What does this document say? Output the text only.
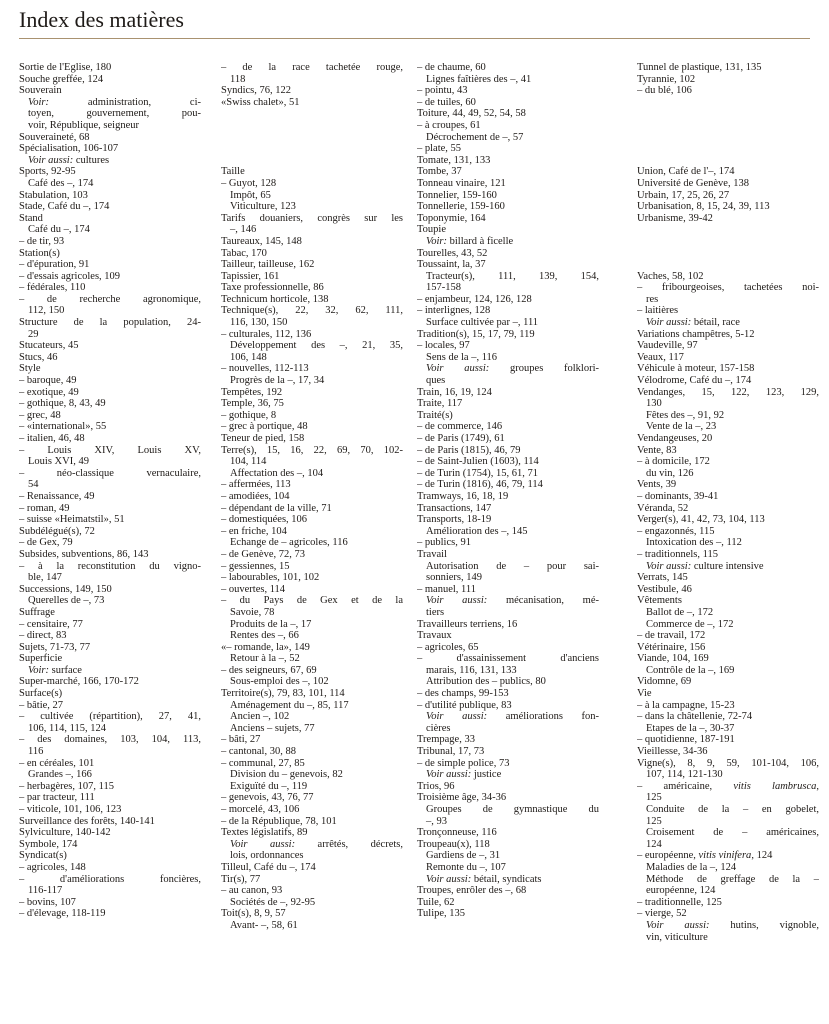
Index des matières
Sortie de l'Eglise, 180
Souche greffée, 124
Souverain
Voir: administration, ci-
toyen, gouvernement, pou-
voir, République, seigneur
Souveraineté, 68
Spécialisation, 106-107
Voir aussi: cultures
Sports, 92-95
Café des –, 174
Stabulation, 103
Stade, Café du –, 174
Stand
Café du –, 174
– de tir, 93
Station(s)
– d'épuration, 91
– d'essais agricoles, 109
– fédérales, 110
– de recherche agronomique,
112, 150
Structure de la population, 24-
29
Stucateurs, 45
Stucs, 46
Style
– baroque, 49
– exotique, 49
– gothique, 8, 43, 49
– grec, 48
– «international», 55
– italien, 46, 48
– Louis XIV, Louis XV,
Louis XVI, 49
– néo-classique vernaculaire,
54
– Renaissance, 49
– roman, 49
– suisse «Heimatstil», 51
Subdélégué(s), 72
– de Gex, 79
Subsides, subventions, 86, 143
– à la reconstitution du vigno-
ble, 147
Successions, 149, 150
Querelles de –, 73
Suffrage
– censitaire, 77
– direct, 83
Sujets, 71-73, 77
Superficie
Voir: surface
Super-marché, 166, 170-172
Surface(s)
– bâtie, 27
– cultivée (répartition), 27, 41,
106, 114, 115, 124
– des domaines, 103, 104, 113,
116
– en céréales, 101
Grandes –, 166
– herbagères, 107, 115
– par tracteur, 111
– viticole, 101, 106, 123
Surveillance des forêts, 140-141
Sylviculture, 140-142
Symbole, 174
Syndicat(s)
– agricoles, 148
– d'améliorations foncières,
116-117
– bovins, 107
– d'élevage, 118-119
– de la race tachetée rouge,
118
Syndics, 76, 122
«Swiss chalet», 51
Taille
– Guyot, 128
Impôt, 65
Viticulture, 123
Tarifs douaniers, congrès sur les
–, 146
Taureaux, 145, 148
Tabac, 170
Tailleur, tailleuse, 162
Tapissier, 161
Taxe professionnelle, 86
Technicum horticole, 138
Technique(s), 22, 32, 62, 111,
116, 130, 150
– culturales, 112, 136
Développement des –, 21, 35,
106, 148
– nouvelles, 112-113
Progrès de la –, 17, 34
Tempêtes, 192
Temple, 36, 75
– gothique, 8
– grec à portique, 48
Teneur de pied, 158
Terre(s), 15, 16, 22, 69, 70, 102-
104, 114
Affectation des –, 104
– affermées, 113
– amodiées, 104
– dépendant de la ville, 71
– domestiquées, 106
– en friche, 104
Echange de – agricoles, 116
– de Genève, 72, 73
– gessiennes, 15
– labourables, 101, 102
– ouvertes, 114
– du Pays de Gex et de la
Savoie, 78
Produits de la –, 17
Rentes des –, 66
«– romande, la», 149
Retour à la –, 52
– des seigneurs, 67, 69
Sous-emploi des –, 102
Territoire(s), 79, 83, 101, 114
Aménagement du –, 85, 117
Ancien –, 102
Anciens – sujets, 77
– bâti, 27
– cantonal, 30, 88
– communal, 27, 85
Division du – genevois, 82
Exiguïté du –, 119
– genevois, 43, 76, 77
– morcelé, 43, 106
– de la République, 78, 101
Textes législatifs, 89
Voir aussi: arrêtés, décrets,
lois, ordonnances
Tilleul, Café du –, 174
Tir(s), 77
– au canon, 93
Sociétés de –, 92-95
Toit(s), 8, 9, 57
Avant- –, 58, 61
– de chaume, 60
Lignes faîtières des –, 41
– pointu, 43
– de tuiles, 60
Toiture, 44, 49, 52, 54, 58
– à croupes, 61
Décrochement de –, 57
– plate, 55
Tomate, 131, 133
Tombe, 37
Tonneau vinaire, 121
Tonnelier, 159-160
Tonnellerie, 159-160
Toponymie, 164
Toupie
Voir: billard à ficelle
Tourelles, 43, 52
Toussaint, la, 37
Tracteur(s), 111, 139, 154,
157-158
– enjambeur, 124, 126, 128
– interlignes, 128
Surface cultivée par –, 111
Tradition(s), 15, 17, 79, 119
– locales, 97
Sens de la –, 116
Voir aussi: groupes folklori-
ques
Train, 16, 19, 124
Traite, 117
Traité(s)
– de commerce, 146
– de Paris (1749), 61
– de Paris (1815), 46, 79
– de Saint-Julien (1603), 114
– de Turin (1754), 15, 61, 71
– de Turin (1816), 46, 79, 114
Tramways, 16, 18, 19
Transactions, 147
Transports, 18-19
Amélioration des –, 145
– publics, 91
Travail
Autorisation de – pour sai-
sonniers, 149
– manuel, 111
Voir aussi: mécanisation, mé-
tiers
Travailleurs terriens, 16
Travaux
– agricoles, 65
– d'assainissement d'anciens
marais, 116, 131, 133
Attribution des – publics, 80
– des champs, 99-153
– d'utilité publique, 83
Voir aussi: améliorations fon-
cières
Trempage, 33
Tribunal, 17, 73
– de simple police, 73
Voir aussi: justice
Trios, 96
Troisième âge, 34-36
Groupes de gymnastique du
–, 93
Tronçonneuse, 116
Troupeau(x), 118
Gardiens de –, 31
Remonte du –, 107
Voir aussi: bétail, syndicats
Troupes, enrôler des –, 68
Tuile, 62
Tulipe, 135
Tunnel de plastique, 131, 135
Tyrannie, 102
– du blé, 106
Union, Café de l'–, 174
Université de Genève, 138
Urbain, 17, 25, 26, 27
Urbanisation, 8, 15, 24, 39, 113
Urbanisme, 39-42
Vaches, 58, 102
– fribourgeoises, tachetées noi-
res
– laitières
Voir aussi: bétail, race
Variations champêtres, 5-12
Vaudeville, 97
Veaux, 117
Véhicule à moteur, 157-158
Vélodrome, Café du –, 174
Vendanges, 15, 122, 123, 129,
130
Fêtes des –, 91, 92
Vente de la –, 23
Vendangeuses, 20
Vente, 83
– à domicile, 172
du vin, 126
Vents, 39
– dominants, 39-41
Véranda, 52
Verger(s), 41, 42, 73, 104, 113
– engazonnés, 115
Intoxication des –, 112
– traditionnels, 115
Voir aussi: culture intensive
Verrats, 145
Vestibule, 46
Vêtements
Ballot de –, 172
Commerce de –, 172
– de travail, 172
Vétérinaire, 156
Viande, 104, 169
Contrôle de la –, 169
Vidomne, 69
Vie
– à la campagne, 15-23
– dans la châtellenie, 72-74
Etapes de la –, 30-37
– quotidienne, 187-191
Vieillesse, 34-36
Vigne(s), 8, 9, 59, 101-104, 106,
107, 114, 121-130
– américaine, vitis lambrusca,
125
Conduite de la – en gobelet,
125
Croisement de – américaines,
124
– européenne, vitis vinifera, 124
Maladies de la –, 124
Méthode de greffage de la –
européenne, 124
– traditionnelle, 125
– vierge, 52
Voir aussi: hutins, vignoble,
vin, viticulture
